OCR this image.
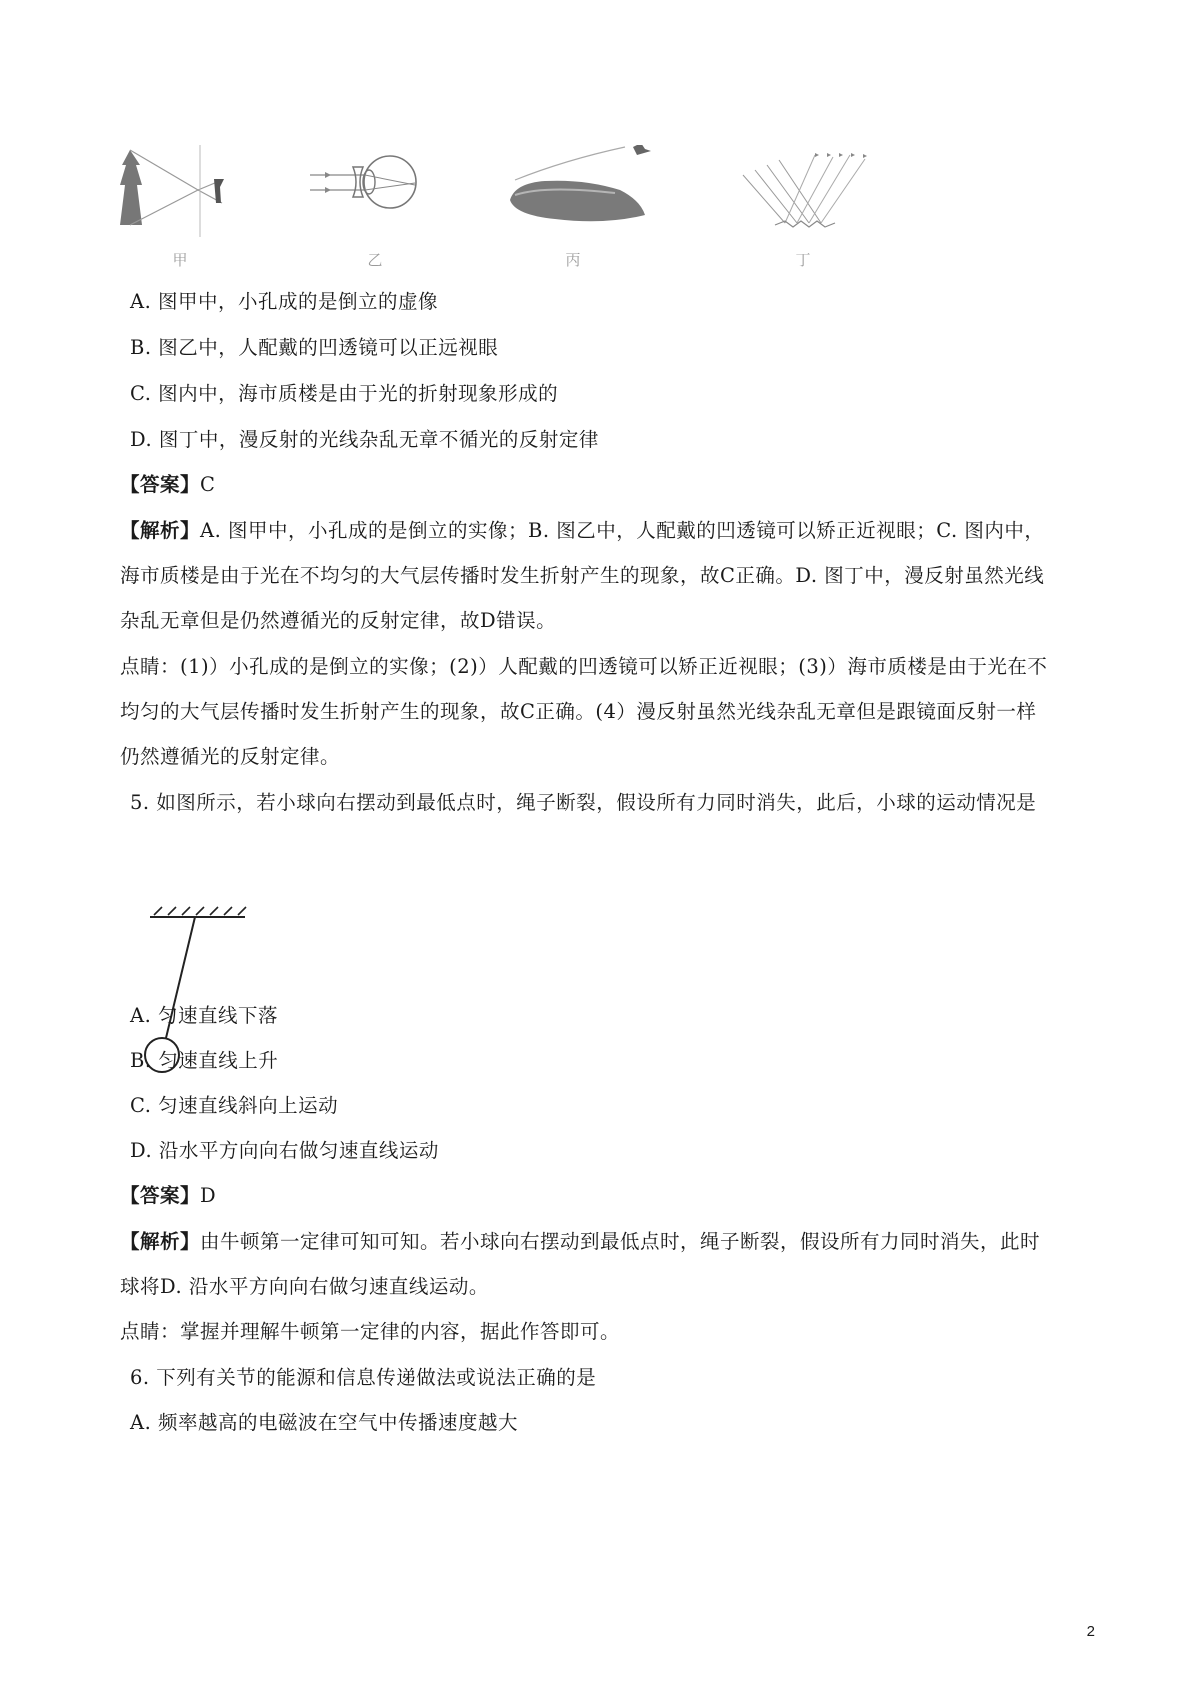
甲	乙	丙	丁
A. 图甲中，小孔成的是倒立的虚像
B. 图乙中，人配戴的凹透镜可以正远视眼
C. 图内中，海市质楼是由于光的折射现象形成的
D. 图丁中，漫反射的光线杂乱无章不循光的反射定律
【答案】C
【解析】A. 图甲中，小孔成的是倒立的实像；B. 图乙中，人配戴的凹透镜可以矫正近视眼；C. 图内中，
海市质楼是由于光在不均匀的大气层传播时发生折射产生的现象，故C正确。D. 图丁中，漫反射虽然光线
杂乱无章但是仍然遵循光的反射定律，故D错误。
点睛：(1)）小孔成的是倒立的实像；(2)）人配戴的凹透镜可以矫正近视眼；(3)）海市质楼是由于光在不
均匀的大气层传播时发生折射产生的现象，故C正确。(4）漫反射虽然光线杂乱无章但是跟镜面反射一样
仍然遵循光的反射定律。
5. 如图所示，若小球向右摆动到最低点时，绳子断裂，假设所有力同时消失，此后，小球的运动情况是
A. 匀速直线下落
B. 匀速直线上升
C. 匀速直线斜向上运动
D. 沿水平方向向右做匀速直线运动
【答案】D
【解析】由牛顿第一定律可知可知。若小球向右摆动到最低点时，绳子断裂，假设所有力同时消失，此时
球将D. 沿水平方向向右做匀速直线运动。
点睛：掌握并理解牛顿第一定律的内容，据此作答即可。
6. 下列有关节的能源和信息传递做法或说法正确的是
A. 频率越高的电磁波在空气中传播速度越大
2
